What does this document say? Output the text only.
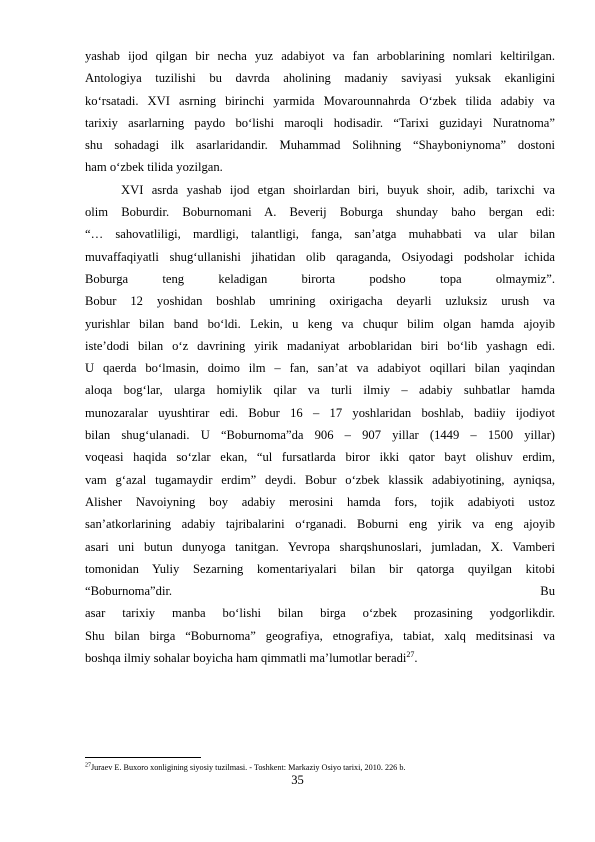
yashab ijod qilgan bir necha yuz adabiyot va fan arboblarining nomlari keltirilgan.
Antologiya tuzilishi bu davrda aholining madaniy saviyasi yuksak ekanligini
ko‘rsatadi. XVI asrning birinchi yarmida Movarounnahrda O‘zbek tilida adabiy va
tarixiy asarlarning paydo bo‘lishi maroqli hodisadir. “Tarixi guzidayi Nuratnoma”
shu sohadagi ilk asarlaridandir. Muhammad Solihning “Shayboniynoma” dostoni
ham o‘zbek tilida yozilgan.
XVI asrda yashab ijod etgan shoirlardan biri, buyuk shoir, adib, tarixchi va
olim Boburdir. Boburnomani A. Beverij Boburga shunday baho bergan edi:
“… sahovatliligi, mardligi, talantligi, fanga, san’atga muhabbati va ular bilan
muvaffaqiyatli shug‘ullanishi jihatidan olib qaraganda, Osiyodagi podsholar ichida
Boburga teng keladigan birorta podsho topa olmaymiz”.
Bobur 12 yoshidan boshlab umrining oxirigacha deyarli uzluksiz urush va
yurishlar bilan band bo‘ldi. Lekin, u keng va chuqur bilim olgan hamda ajoyib
iste’dodi bilan o‘z davrining yirik madaniyat arboblaridan biri bo‘lib yashagn edi.
U qaerda bo‘lmasin, doimo ilm – fan, san’at va adabiyot oqillari bilan yaqindan
aloqa bog‘lar, ularga homiylik qilar va turli ilmiy – adabiy suhbatlar hamda
munozaralar uyushtirar edi. Bobur 16 – 17 yoshlaridan boshlab, badiiy ijodiyot
bilan shug‘ulanadi. U “Boburnoma”da 906 – 907 yillar (1449 – 1500 yillar)
voqeasi haqida so‘zlar ekan, “ul fursatlarda biror ikki qator bayt olishuv erdim,
vam g‘azal tugamaydir erdim” deydi. Bobur o‘zbek klassik adabiyotining, ayniqsa,
Alisher Navoiyning boy adabiy merosini hamda fors, tojik adabiyoti ustoz
san’atkorlarining adabiy tajribalarini o‘rganadi. Boburni eng yirik va eng ajoyib
asari uni butun dunyoga tanitgan. Yevropa sharqshunoslari, jumladan, X. Vamberi
tomonidan Yuliy Sezarning komentariyalari bilan bir qatorga quyilgan kitobi
“Boburnoma”dir.	Bu
asar tarixiy manba bo‘lishi bilan birga o‘zbek prozasining yodgorlikdir.
Shu bilan birga “Boburnoma” geografiya, etnografiya, tabiat, xalq meditsinasi va
boshqa ilmiy sohalar boyicha ham qimmatli ma’lumotlar beradi$^{27}$.
$^{27}$Juraev E. Buxoro xonligining siyosiy tuzilmasi. - Toshkent: Markaziy Osiyo tarixi, 2010. 226 b.
35
